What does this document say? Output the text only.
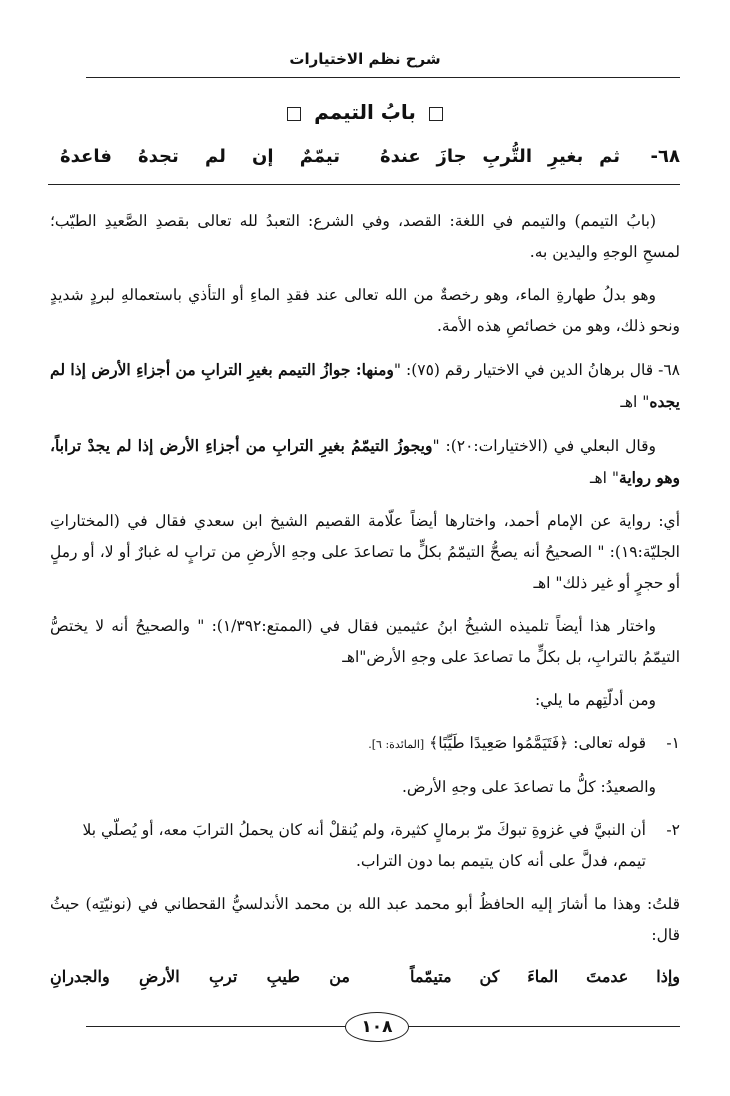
شرح نظم الاختيارات
بابُ التيمم
٦٨-
ثم بغيرِ التُّربِ جازَ عندهُ
تيمّمٌ إن لم تجدهُ فاعدهُ

(بابُ التيمم) والتيمم في اللغة: القصد، وفي الشرع: التعبدُ لله تعالى بقصدِ الصَّعيدِ الطيّب؛ لمسحِ الوجهِ واليدين به.

وهو بدلُ طهارةِ الماء، وهو رخصةٌ من الله تعالى عند فقدِ الماءِ أو التأذي باستعمالهِ لبردٍ شديدٍ ونحو ذلك، وهو من خصائصِ هذه الأمة.

٦٨- قال برهانُ الدين في الاختيار رقم (٧٥): "ومنها: جوازُ التيمم بغيرِ الترابِ من أجزاءِ الأرض إذا لم يجده" اهـ

وقال البعلي في (الاختيارات:٢٠): "ويجوزُ التيمّمُ بغيرِ الترابِ من أجزاءِ الأرض إذا لم يجدْ تراباً، وهو رواية" اهـ

أي: رواية عن الإمام أحمد، واختارها أيضاً علّامة القصيم الشيخ ابن سعدي فقال في (المختاراتِ الجليّة:١٩): " الصحيحُ أنه يصحُّ التيمّمُ بكلٍّ ما تصاعدَ على وجهِ الأرضِ من ترابٍ له غبارٌ أو لا، أو رملٍ أو حجرٍ أو غير ذلك" اهـ

واختار هذا أيضاً تلميذه الشيخُ ابنُ عثيمين فقال في (الممتع:١/٣٩٢): " والصحيحُ أنه لا يختصُّ التيمّمُ بالترابِ، بل بكلٍّ ما تصاعدَ على وجهِ الأرض"اهـ

ومن أدلّتِهم ما يلي:

١-
قوله تعالى: ﴿فَتَيَمَّمُوا صَعِيدًا طَيِّبًا﴾ [المائدة: ٦].

والصعيدُ: كلُّ ما تصاعدَ على وجهِ الأرض.

٢-
أن النبيَّ في غزوةِ تبوكَ مرّ برمالٍ كثيرة، ولم يُنقلْ أنه كان يحملُ الترابَ معه، أو يُصلّي بلا تيمم، فدلَّ على أنه كان يتيمم بما دون التراب.

قلتُ: وهذا ما أشارَ إليه الحافظُ أبو محمد عبد الله بن محمد الأندلسيُّ القحطاني في (نونيّتِه) حيثُ قال:

وإذا عدمتَ الماءَ كن متيمّماً
من طيبِ تربِ الأرضِ والجدرانِ
١٠٨
